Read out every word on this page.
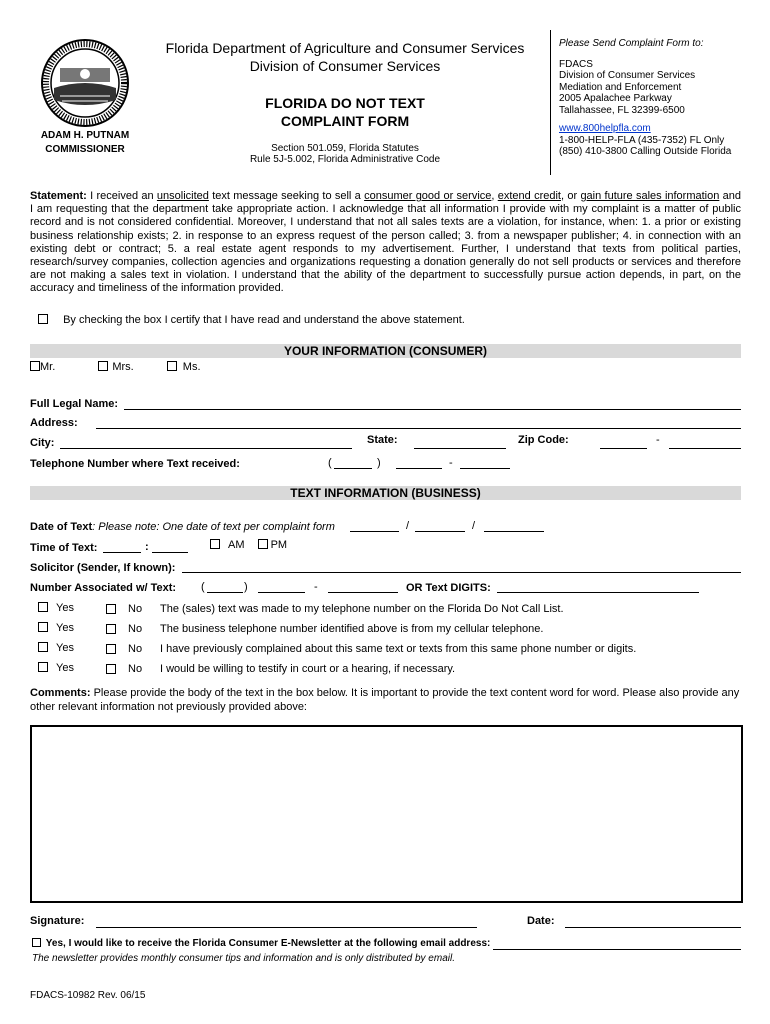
ADAM H. PUTNAM
COMMISSIONER
Florida Department of Agriculture and Consumer Services
Division of Consumer Services
FLORIDA DO NOT TEXT
COMPLAINT FORM
Section 501.059, Florida Statutes
Rule 5J-5.002, Florida Administrative Code
Please Send Complaint Form to:
FDACS
Division of Consumer Services
Mediation and Enforcement
2005 Apalachee Parkway
Tallahassee, FL 32399-6500
www.800helpfla.com
1-800-HELP-FLA (435-7352) FL Only
(850) 410-3800 Calling Outside Florida
Statement: I received an unsolicited text message seeking to sell a consumer good or service, extend credit, or gain future sales information and I am requesting that the department take appropriate action. I acknowledge that all information I provide with my complaint is a matter of public record and is not considered confidential. Moreover, I understand that not all sales texts are a violation, for instance, when: 1. a prior or existing business relationship exists; 2. in response to an express request of the person called; 3. from a newspaper publisher; 4. in connection with an existing debt or contract; 5. a real estate agent responds to my advertisement. Further, I understand that texts from political parties, research/survey companies, collection agencies and organizations requesting a donation generally do not sell products or services and therefore are not making a sales text in violation. I understand that the ability of the department to successfully pursue action depends, in part, on the accuracy and timeliness of the information provided.
By checking the box I certify that I have read and understand the above statement.
YOUR INFORMATION (CONSUMER)
Mr.	Mrs.	Ms.
Full Legal Name:
Address:
City:	State:	Zip Code:	-
Telephone Number where Text received:	(	)	-
TEXT INFORMATION (BUSINESS)
Date of Text: Please note: One date of text per complaint form	/	/
Time of Text:	:	AM PM
Solicitor (Sender, If known):
Number Associated w/ Text: (	)	-	OR Text DIGITS:
Yes	No The (sales) text was made to my telephone number on the Florida Do Not Call List.
Yes	No The business telephone number identified above is from my cellular telephone.
Yes	No I have previously complained about this same text or texts from this same phone number or digits.
Yes	No I would be willing to testify in court or a hearing, if necessary.
Comments: Please provide the body of the text in the box below. It is important to provide the text content word for word. Please also provide any other relevant information not previously provided above:
Signature:	Date:
Yes, I would like to receive the Florida Consumer E-Newsletter at the following email address:
The newsletter provides monthly consumer tips and information and is only distributed by email.
FDACS-10982 Rev. 06/15
